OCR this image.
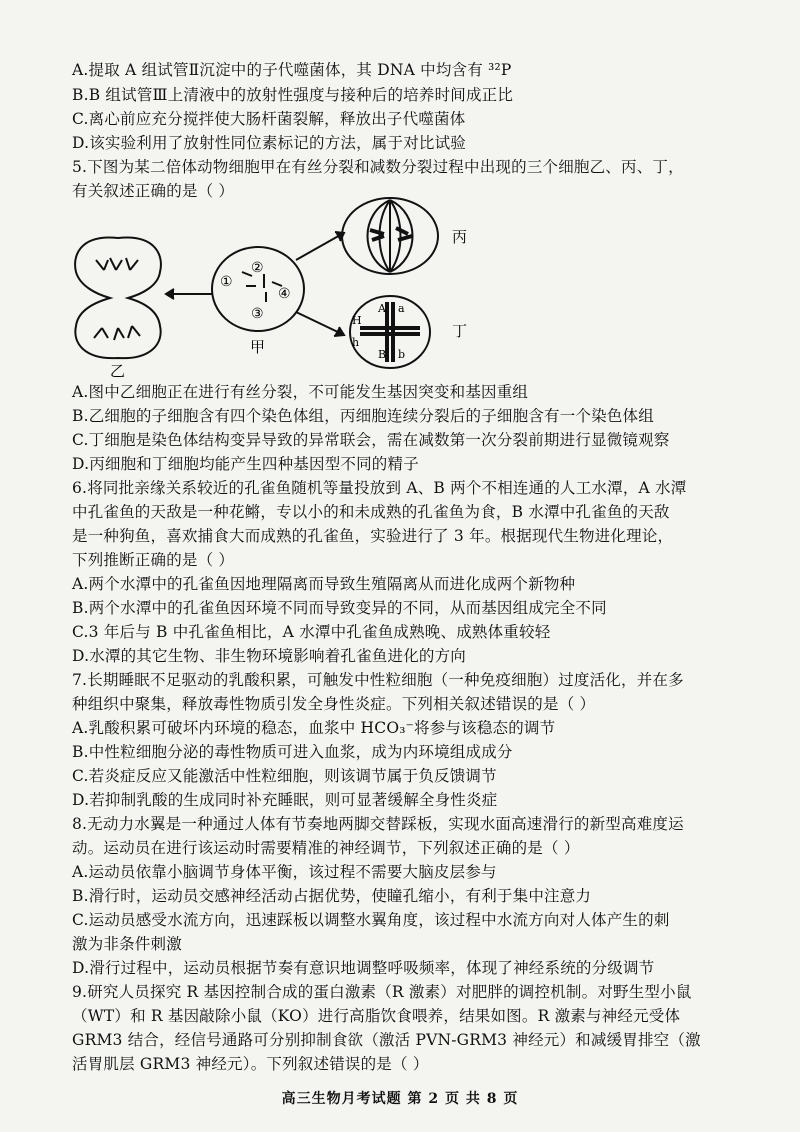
A.提取 A 组试管Ⅱ沉淀中的子代噬菌体，其 DNA 中均含有 ³²P
B.B 组试管Ⅲ上清液中的放射性强度与接种后的培养时间成正比
C.离心前应充分搅拌使大肠杆菌裂解，释放出子代噬菌体
D.该实验利用了放射性同位素标记的方法，属于对比试验
5.下图为某二倍体动物细胞甲在有丝分裂和减数分裂过程中出现的三个细胞乙、丙、丁，
有关叙述正确的是（ ）
乙
甲
丙
丁
①
②
③
④
A a
H
h
B b
A.图中乙细胞正在进行有丝分裂，不可能发生基因突变和基因重组
B.乙细胞的子细胞含有四个染色体组，丙细胞连续分裂后的子细胞含有一个染色体组
C.丁细胞是染色体结构变异导致的异常联会，需在减数第一次分裂前期进行显微镜观察
D.丙细胞和丁细胞均能产生四种基因型不同的精子
6.将同批亲缘关系较近的孔雀鱼随机等量投放到 A、B 两个不相连通的人工水潭，A 水潭
中孔雀鱼的天敌是一种花鳉，专以小的和未成熟的孔雀鱼为食，B 水潭中孔雀鱼的天敌
是一种狗鱼，喜欢捕食大而成熟的孔雀鱼，实验进行了 3 年。根据现代生物进化理论，
下列推断正确的是（ ）
A.两个水潭中的孔雀鱼因地理隔离而导致生殖隔离从而进化成两个新物种
B.两个水潭中的孔雀鱼因环境不同而导致变异的不同，从而基因组成完全不同
C.3 年后与 B 中孔雀鱼相比，A 水潭中孔雀鱼成熟晚、成熟体重较轻
D.水潭的其它生物、非生物环境影响着孔雀鱼进化的方向
7.长期睡眠不足驱动的乳酸积累，可触发中性粒细胞（一种免疫细胞）过度活化，并在多
种组织中聚集，释放毒性物质引发全身性炎症。下列相关叙述错误的是（ ）
A.乳酸积累可破坏内环境的稳态，血浆中 HCO₃⁻将参与该稳态的调节
B.中性粒细胞分泌的毒性物质可进入血浆，成为内环境组成成分
C.若炎症反应又能激活中性粒细胞，则该调节属于负反馈调节
D.若抑制乳酸的生成同时补充睡眠，则可显著缓解全身性炎症
8.无动力水翼是一种通过人体有节奏地两脚交替踩板，实现水面高速滑行的新型高难度运
动。运动员在进行该运动时需要精准的神经调节，下列叙述正确的是（ ）
A.运动员依靠小脑调节身体平衡，该过程不需要大脑皮层参与
B.滑行时，运动员交感神经活动占据优势，使瞳孔缩小，有利于集中注意力
C.运动员感受水流方向，迅速踩板以调整水翼角度，该过程中水流方向对人体产生的刺
激为非条件刺激
D.滑行过程中，运动员根据节奏有意识地调整呼吸频率，体现了神经系统的分级调节
9.研究人员探究 R 基因控制合成的蛋白激素（R 激素）对肥胖的调控机制。对野生型小鼠
（WT）和 R 基因敲除小鼠（KO）进行高脂饮食喂养，结果如图。R 激素与神经元受体
GRM3 结合，经信号通路可分别抑制食欲（激活 PVN-GRM3 神经元）和减缓胃排空（激
高三生物月考试题 第 2 页 共 8 页
活胃肌层 GRM3 神经元）。下列叙述错误的是（ ）
